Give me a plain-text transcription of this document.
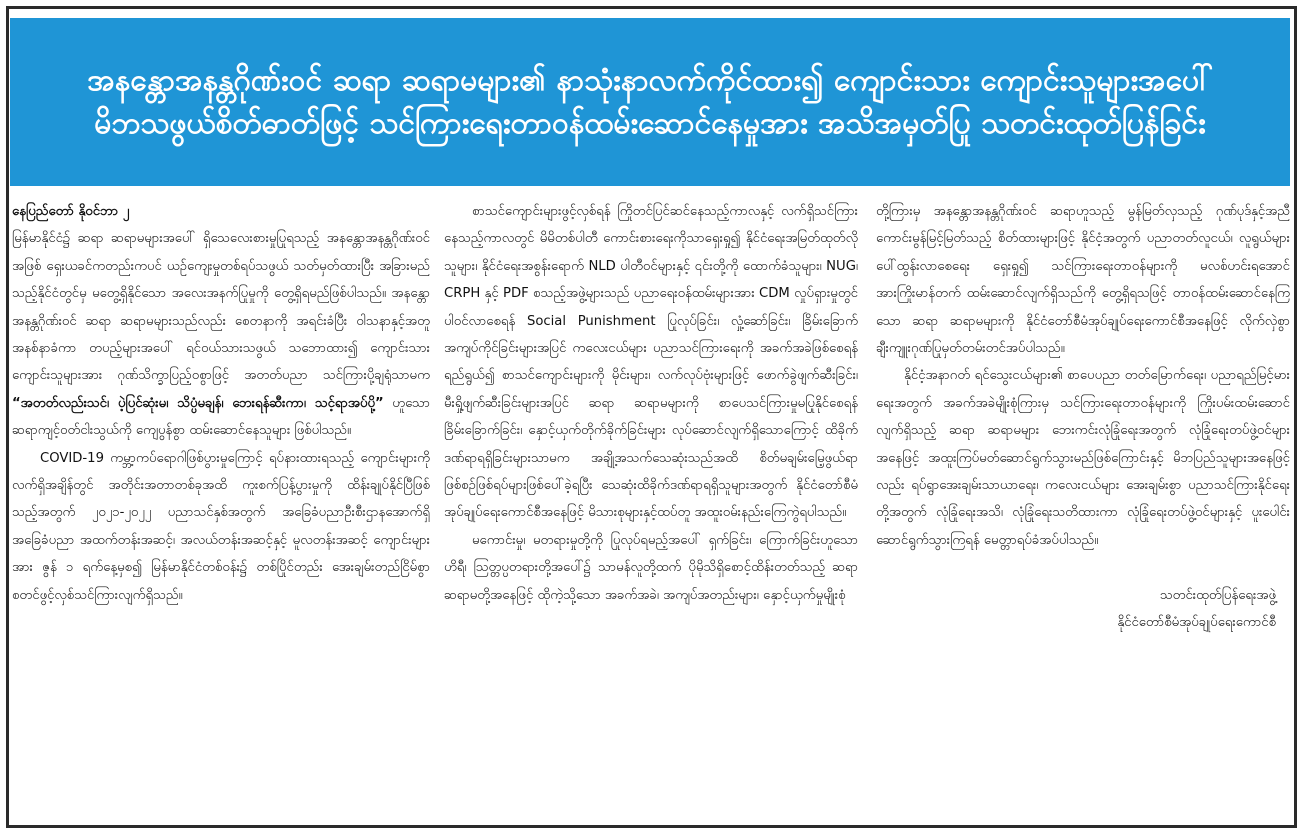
အနန္တောအနန္တဂိုဏ်းဝင် ဆရာ ဆရာမများ၏ နာသုံးနာလက်ကိုင်ထား၍ ကျောင်းသား ကျောင်းသူများအပေါ်
မိဘသဖွယ်စိတ်ဓာတ်ဖြင့် သင်ကြားရေးတာဝန်ထမ်းဆောင်နေမှုအား အသိအမှတ်ပြု သတင်းထုတ်ပြန်ခြင်း

နေပြည်တော် နိုဝင်ဘာ ၂

မြန်မာနိုင်ငံ၌ ဆရာ ဆရာမများအပေါ် ရှိသေလေးစားမှုပြုရသည့် အနန္တောအနန္တဂိုဏ်းဝင်အဖြစ် ရှေးယခင်ကတည်းကပင် ယဉ်ကျေးမှုတစ်ရပ်သဖွယ် သတ်မှတ်ထားပြီး အခြားမည်သည့်နိုင်ငံတွင်မှ မတွေ့ရှိနိုင်သော အလေးအနက်ပြုမှုကို တွေ့ရှိရမည်ဖြစ်ပါသည်။ အနန္တောအနန္တဂိုဏ်းဝင် ဆရာ ဆရာမများသည်လည်း စေတနာကို အရင်းခံပြီး ဝါသနာနှင့်အတူ အနစ်နာခံကာ တပည့်များအပေါ် ရင်ဝယ်သားသဖွယ် သဘောထား၍ ကျောင်းသား ကျောင်းသူများအား ဂုဏ်သိက္ခာပြည့်ဝစွာဖြင့် အတတ်ပညာ သင်ကြားပို့ချရုံသာမက “အတတ်လည်းသင်၊ ပဲ့ပြင်ဆုံးမ၊ သိပ္ပံမချန်၊ ဘေးရန်ဆီးကာ၊ သင့်ရာအပ်ပို့” ဟူသော ဆရာကျင့်ဝတ်ငါးသွယ်ကို ကျေပွန်စွာ ထမ်းဆောင်နေသူများ ဖြစ်ပါသည်။

COVID-19 ကမ္ဘာ့ကပ်ရောဂါဖြစ်ပွားမှုကြောင့် ရပ်နားထားရသည့် ကျောင်းများကို လက်ရှိအချိန်တွင် အတိုင်းအတာတစ်ခုအထိ ကူးစက်ပြန့်ပွားမှုကို ထိန်းချုပ်နိုင်ပြီဖြစ်သည့်အတွက် ၂၀၂၁-၂၀၂၂ ပညာသင်နှစ်အတွက် အခြေခံပညာဦးစီးဌာနအောက်ရှိ အခြေခံပညာ အထက်တန်းအဆင့်၊ အလယ်တန်းအဆင့်နှင့် မူလတန်းအဆင့် ကျောင်းများအား ဇွန် ၁ ရက်နေ့မှစ၍ မြန်မာနိုင်ငံတစ်ဝန်း၌ တစ်ပြိုင်တည်း အေးချမ်းတည်ငြိမ်စွာ စတင်ဖွင့်လှစ်သင်ကြားလျက်ရှိသည်။

စာသင်ကျောင်းများဖွင့်လှစ်ရန် ကြိုတင်ပြင်ဆင်နေသည့်ကာလနှင့် လက်ရှိသင်ကြားနေသည့်ကာလတွင် မိမိတစ်ပါတီ ကောင်းစားရေးကိုသာရှေးရှု၍ နိုင်ငံရေးအမြတ်ထုတ်လိုသူများ၊ နိုင်ငံရေးအစွန်းရောက် NLD ပါတီဝင်များနှင့် ၎င်းတို့ကို ထောက်ခံသူများ၊ NUG၊ CRPH နှင့် PDF စသည့်အဖွဲ့များသည် ပညာရေးဝန်ထမ်းများအား CDM လှုပ်ရှားမှုတွင် ပါဝင်လာစေရန် Social Punishment ပြုလုပ်ခြင်း၊ လှုံ့ဆော်ခြင်း၊ ခြိမ်းခြောက်အကျပ်ကိုင်ခြင်းများအပြင် ကလေးငယ်များ ပညာသင်ကြားရေးကို အခက်အခဲဖြစ်စေရန် ရည်ရွယ်၍ စာသင်ကျောင်းများကို မိုင်းများ၊ လက်လုပ်ဗုံးများဖြင့် ဖောက်ခွဲဖျက်ဆီးခြင်း၊ မီးရှို့ဖျက်ဆီးခြင်းများအပြင် ဆရာ ဆရာမများကို စာပေသင်ကြားမှုမပြုနိုင်စေရန် ခြိမ်းခြောက်ခြင်း၊ နှောင့်ယှက်တိုက်ခိုက်ခြင်းများ လုပ်ဆောင်လျက်ရှိသောကြောင့် ထိခိုက်ဒဏ်ရာရရှိခြင်းများသာမက အချို့အသက်သေဆုံးသည်အထိ စိတ်မချမ်းမြေ့ဖွယ်ရာ ဖြစ်စဉ်ဖြစ်ရပ်များဖြစ်ပေါ်ခဲ့ရပြီး သေဆုံးထိခိုက်ဒဏ်ရာရရှိသူများအတွက် နိုင်ငံတော်စီမံအုပ်ချုပ်ရေးကောင်စီအနေဖြင့် မိသားစုများနှင့်ထပ်တူ အထူးဝမ်းနည်းကြေကွဲရပါသည်။

မကောင်းမှု၊ မတရားမှုတို့ကို ပြုလုပ်ရမည့်အပေါ် ရှက်ခြင်း၊ ကြောက်ခြင်းဟူသော ဟိရီ၊ ဩတ္တပ္ပတရားတို့အပေါ်၌ သာမန်လူတို့ထက် ပိုမိုသိရှိစောင့်ထိန်းတတ်သည့် ဆရာ ဆရာမတို့အနေဖြင့် ထိုကဲ့သို့သော အခက်အခဲ၊ အကျပ်အတည်းများ၊ နှောင့်ယှက်မှုမျိုးစုံ

တို့ကြားမှ အနန္တောအနန္တဂိုဏ်းဝင် ဆရာဟူသည့် မွန်မြတ်လှသည့် ဂုဏ်ပုဒ်နှင့်အညီ ကောင်းမွန်မြင့်မြတ်သည့် စိတ်ထားများဖြင့် နိုင်ငံ့အတွက် ပညာတတ်လူငယ်၊ လူရွယ်များ ပေါ်ထွန်းလာစေရေး ရှေးရှု၍ သင်ကြားရေးတာဝန်များကို မလစ်ဟင်းရအောင် အားကြိုးမာန်တက် ထမ်းဆောင်လျက်ရှိသည်ကို တွေ့ရှိရသဖြင့် တာဝန်ထမ်းဆောင်နေကြသော ဆရာ ဆရာမများကို နိုင်ငံတော်စီမံအုပ်ချုပ်ရေးကောင်စီအနေဖြင့် လိုက်လှဲစွာ ချီးကျူးဂုဏ်ပြုမှတ်တမ်းတင်အပ်ပါသည်။

နိုင်ငံ့အနာဂတ် ရင်သွေးငယ်များ၏ စာပေပညာ တတ်မြောက်ရေး၊ ပညာရည်မြင့်မားရေးအတွက် အခက်အခဲမျိုးစုံကြားမှ သင်ကြားရေးတာဝန်များကို ကြိုးပမ်းထမ်းဆောင်လျက်ရှိသည့် ဆရာ ဆရာမများ ဘေးကင်းလုံခြုံရေးအတွက် လုံခြုံရေးတပ်ဖွဲ့ဝင်များအနေဖြင့် အထူးကြပ်မတ်ဆောင်ရွက်သွားမည်ဖြစ်ကြောင်းနှင့် မိဘပြည်သူများအနေဖြင့်လည်း ရပ်ရွာအေးချမ်းသာယာရေး၊ ကလေးငယ်များ အေးချမ်းစွာ ပညာသင်ကြားနိုင်ရေးတို့အတွက် လုံခြုံရေးအသိ၊ လုံခြုံရေးသတိထားကာ လုံခြုံရေးတပ်ဖွဲ့ဝင်များနှင့် ပူးပေါင်းဆောင်ရွက်သွားကြရန် မေတ္တာရပ်ခံအပ်ပါသည်။

သတင်းထုတ်ပြန်ရေးအဖွဲ့
နိုင်ငံတော်စီမံအုပ်ချုပ်ရေးကောင်စီ
